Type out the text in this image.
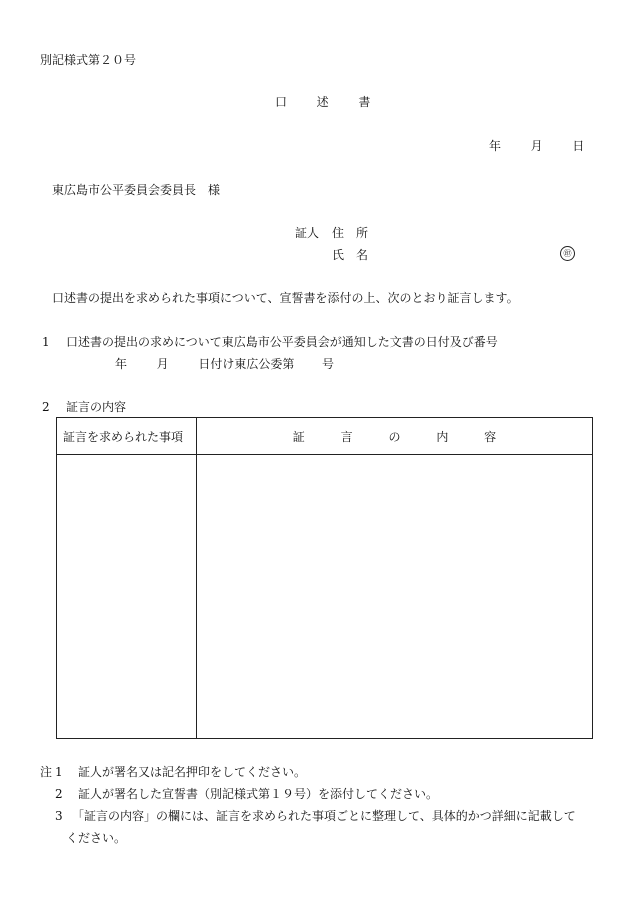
別記様式第２０号
口 述 書
年 月 日
東広島市公平委員会委員長　様
証人 住　所
氏　名	㊞
口述書の提出を求められた事項について、宣誓書を添付の上、次のとおり証言します。
1 口述書の提出の求めについて東広島市公平委員会が通知した文書の日付及び番号
年 月 日付け東広公委第 号
2 証言の内容
証言を求められた事項	証 言 の 内 容

注 1 証人が署名又は記名押印をしてください。
2 証人が署名した宣誓書（別記様式第１９号）を添付してください。
3 「証言の内容」の欄には、証言を求められた事項ごとに整理して、具体的かつ詳細に記載して
ください。
